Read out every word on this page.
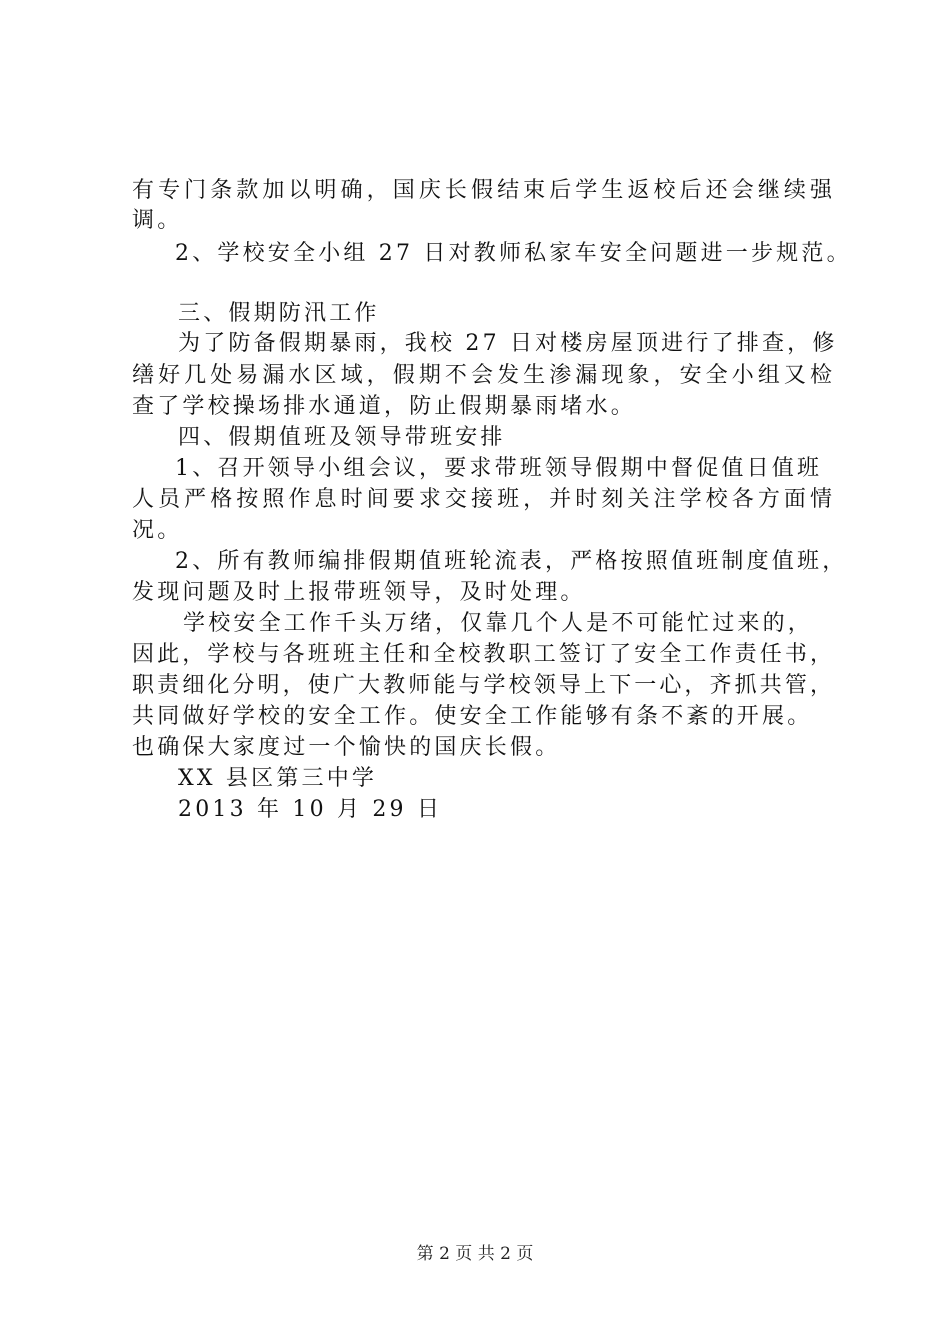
有专门条款加以明确，国庆长假结束后学生返校后还会继续强
调。
2、学校安全小组 27 日对教师私家车安全问题进一步规范。
三、假期防汛工作
为了防备假期暴雨，我校 27 日对楼房屋顶进行了排查，修
缮好几处易漏水区域，假期不会发生渗漏现象，安全小组又检
查了学校操场排水通道，防止假期暴雨堵水。
四、假期值班及领导带班安排
1、召开领导小组会议，要求带班领导假期中督促值日值班
人员严格按照作息时间要求交接班，并时刻关注学校各方面情
况。
2、所有教师编排假期值班轮流表，严格按照值班制度值班，
发现问题及时上报带班领导，及时处理。
学校安全工作千头万绪，仅靠几个人是不可能忙过来的，
因此，学校与各班班主任和全校教职工签订了安全工作责任书，
职责细化分明，使广大教师能与学校领导上下一心，齐抓共管，
共同做好学校的安全工作。使安全工作能够有条不紊的开展。
也确保大家度过一个愉快的国庆长假。
XX 县区第三中学
2013 年 10 月 29 日
第 2 页 共 2 页
